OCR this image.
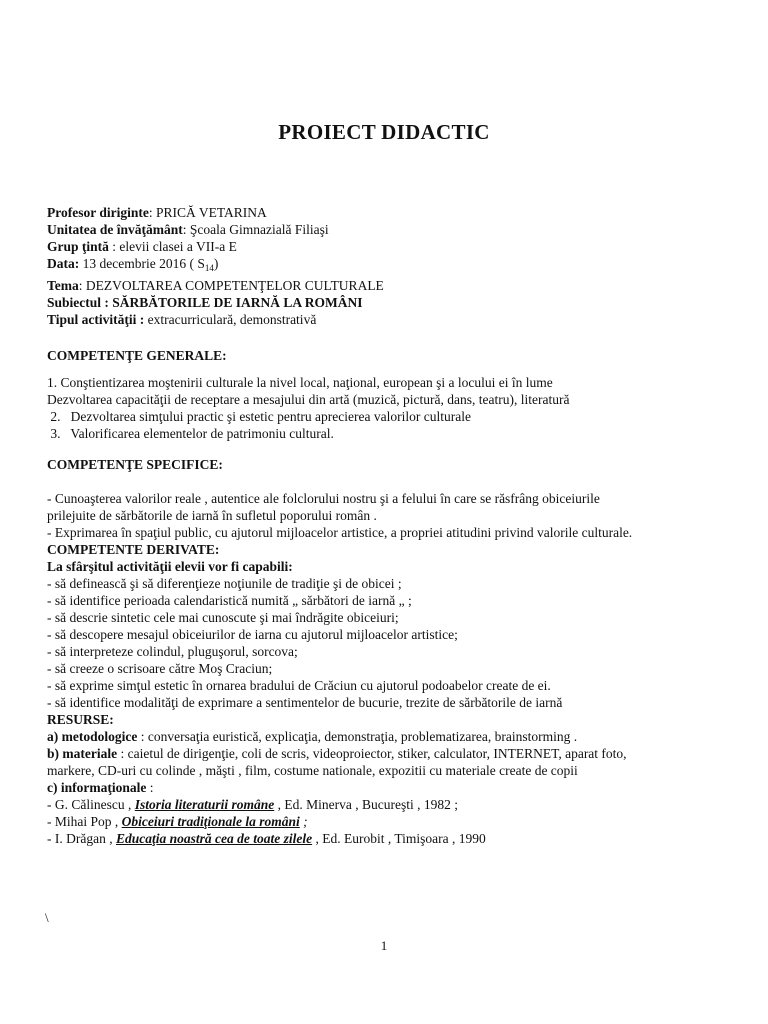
PROIECT DIDACTIC
Profesor diriginte: PRICĂ VETARINA
Unitatea de învăţământ: Şcoala Gimnazială Filiaşi
Grup ţintă : elevii clasei a VII-a E
Data: 13 decembrie 2016 ( $S_{14}$)
Tema: DEZVOLTAREA COMPETENŢELOR CULTURALE
Subiectul : SĂRBĂTORILE DE IARNĂ LA ROMÂNI
Tipul activităţii : extracurriculară, demonstrativă
COMPETENŢE GENERALE:
1. Conştientizarea moştenirii culturale la nivel local, naţional, european şi a locului ei în lume
Dezvoltarea capacităţii de receptare a mesajului din artă (muzică, pictură, dans, teatru), literatură
2.   Dezvoltarea simţului practic şi estetic pentru aprecierea valorilor culturale
3.   Valorificarea elementelor de patrimoniu cultural.
COMPETENŢE SPECIFICE:
- Cunoaşterea valorilor reale , autentice ale folclorului nostru şi a felului în care se răsfrâng obiceiurile
prilejuite de sărbătorile de iarnă în sufletul poporului român .
- Exprimarea în spaţiul public, cu ajutorul mijloacelor artistice, a propriei atitudini privind valorile culturale.
COMPETENTE DERIVATE:
La sfârşitul activităţii elevii vor fi capabili:
- să definească şi să diferenţieze noţiunile de tradiţie şi de obicei ;
- să identifice perioada calendaristică numită „ sărbători de iarnă „ ;
- să descrie sintetic cele mai cunoscute şi mai îndrăgite obiceiuri;
- să descopere mesajul obiceiurilor de iarna cu ajutorul mijloacelor artistice;
- să interpreteze colindul, pluguşorul, sorcova;
- să creeze o scrisoare către Moş Craciun;
- să exprime simţul estetic în ornarea bradului de Crăciun cu ajutorul podoabelor create de ei.
- să identifice modalităţi de exprimare a sentimentelor de bucurie, trezite de sărbătorile de iarnă
RESURSE:
a) metodologice : conversaţia euristică, explicaţia, demonstraţia, problematizarea, brainstorming .
b) materiale : caietul de dirigenţie, coli de scris, videoproiector, stiker, calculator, INTERNET, aparat foto,
markere, CD-uri cu colinde , măşti , film, costume nationale, expozitii cu materiale create de copii
c) informaţionale :
- G. Călinescu , Istoria literaturii române , Ed. Minerva , Bucureşti , 1982 ;
- Mihai Pop , Obiceiuri tradiţionale la români ;
- I. Drăgan , Educaţia noastră cea de toate zilele , Ed. Eurobit , Timişoara , 1990
\
1
